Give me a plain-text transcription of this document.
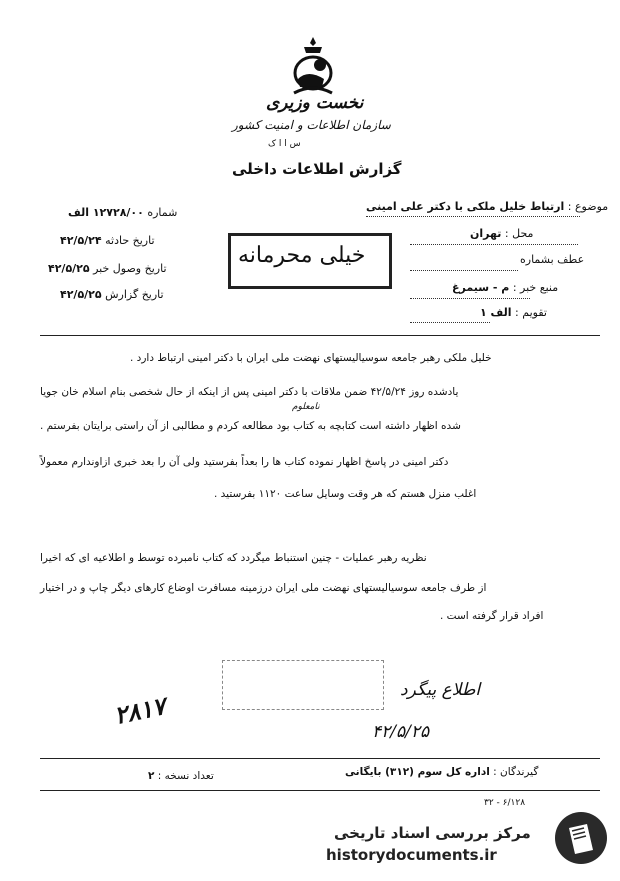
نخست وزیری
سازمان اطلاعات و امنیت کشور
س ا ا ک
گزارش اطلاعات داخلی
شماره ۱۲۷۲۸/۰۰ الف
تاریخ حادثه ۴۲/۵/۲۴
تاریخ وصول خبر ۴۲/۵/۲۵
تاریخ گزارش ۴۲/۵/۲۵
موضوع : ارتباط خلیل ملکی با دکتر علی امینی
محل : تهران
عطف بشماره
منبع خبر : م - سیمرغ
تقویم : الف ۱
خیلی محرمانه
خلیل ملکی رهبر جامعه سوسیالیستهای نهضت ملی ایران با دکتر امینی ارتباط دارد .
یادشده روز ۴۲/۵/۲۴ ضمن ملاقات با دکتر امینی پس از اینکه از حال شخصی بنام اسلام خان جویا
نامعلوم
شده اظهار داشته است کتابچه به کتاب بود مطالعه کردم و مطالبی از آن راستی برایتان بفرستم .
دکتر امینی در پاسخ اظهار نموده کتاب ها را بعداً بفرستید ولی آن را بعد خبری ازاوندارم معمولاً
اغلب منزل هستم که هر وقت وسایل ساعت ۱۱۲۰ بفرستید .
نظریه رهبر عملیات - چنین استنباط میگردد که کتاب نامبرده توسط و اطلاعیه ای که اخیرا
از طرف جامعه سوسیالیستهای نهضت ملی ایران درزمینه مسافرت اوضاع کارهای دیگر چاپ و در اختیار
افراد قرار گرفته است .
اطلاع پیگرد
۴۲/۵/۲۵
۲۸۱۷
گیرندگان : اداره کل سوم (۳۱۲) بایگانی
تعداد نسخه : ۲
۶/۱۲۸ - ۳۲
مرکز بررسی اسناد تاریخی
historydocuments.ir
